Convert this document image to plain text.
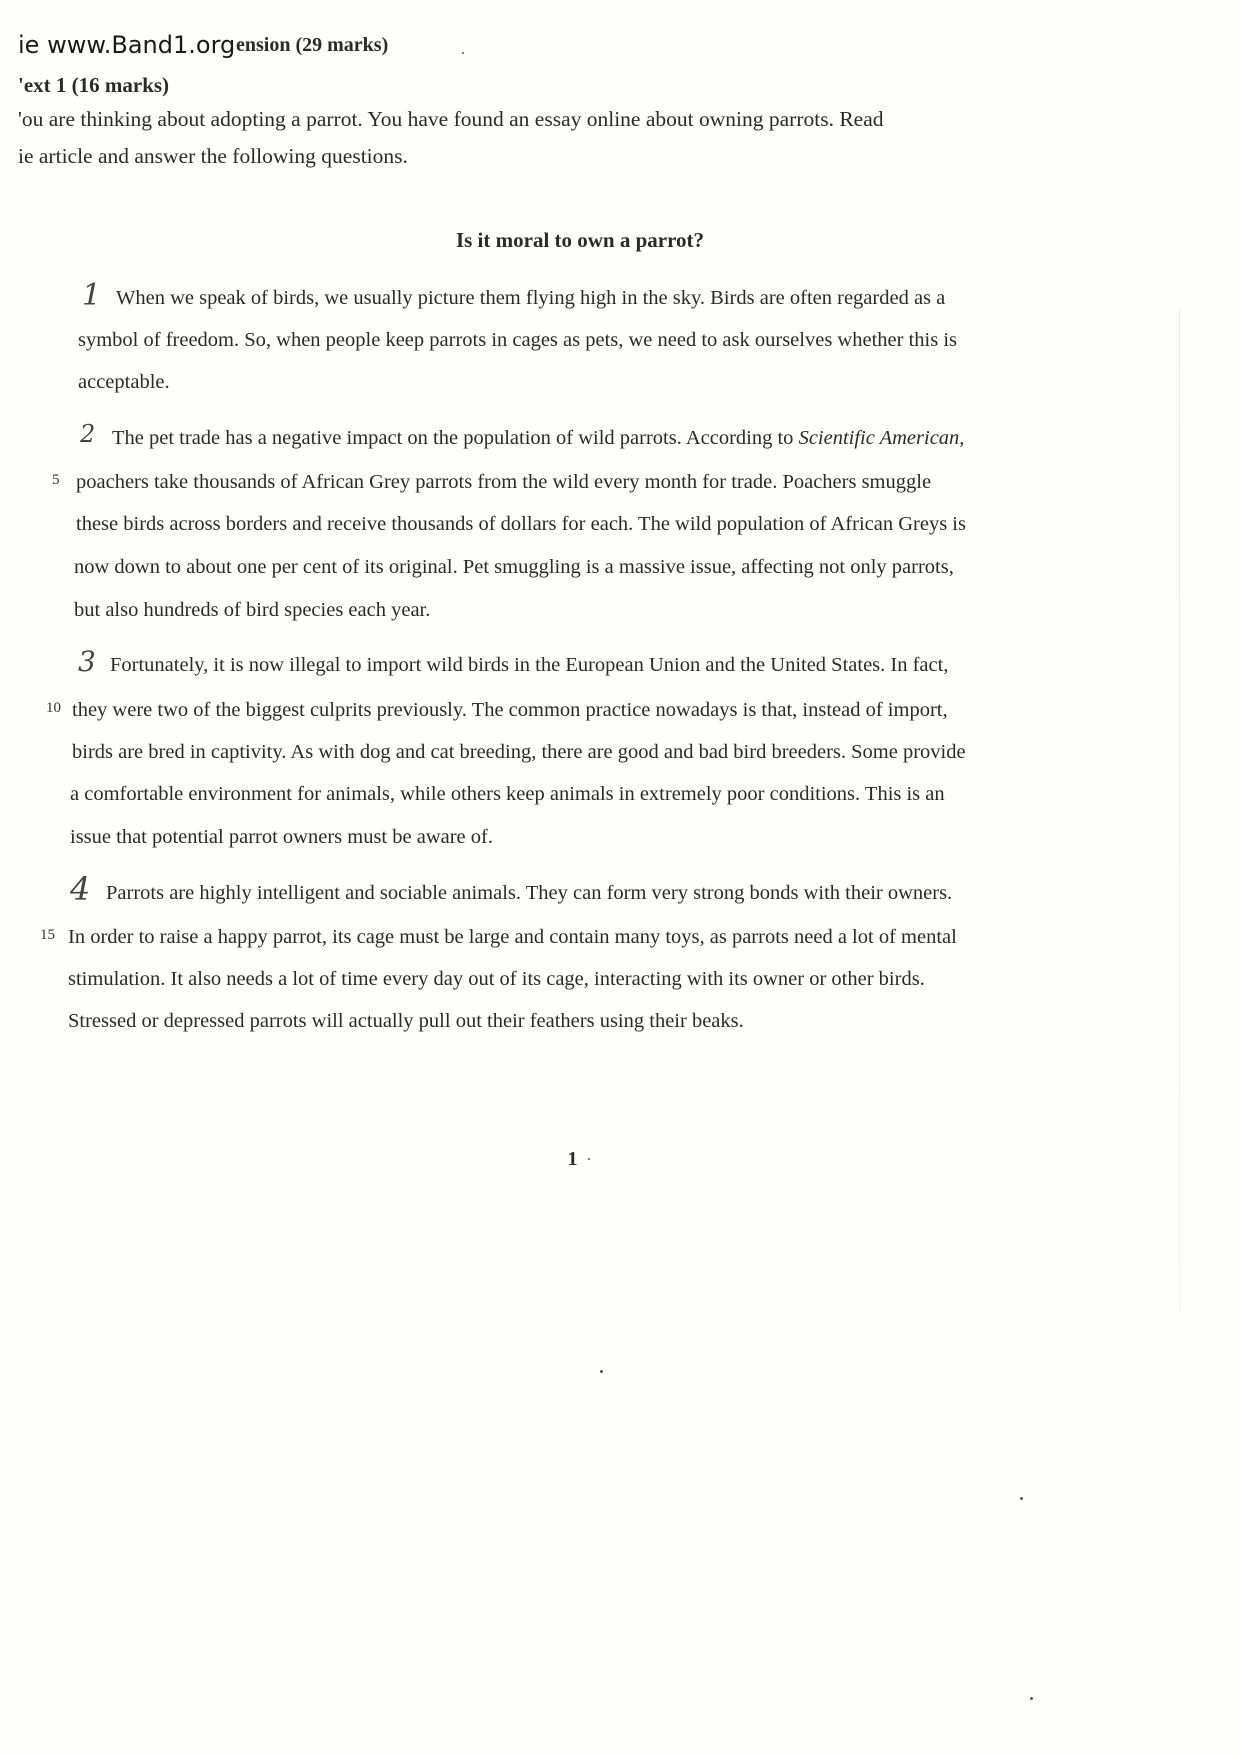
ie www.Band1.org ension (29 marks)
'ext 1 (16 marks)
'ou are thinking about adopting a parrot. You have found an essay online about owning parrots. Read
ie article and answer the following questions.
Is it moral to own a parrot?
1 When we speak of birds, we usually picture them flying high in the sky. Birds are often regarded as a
symbol of freedom. So, when people keep parrots in cages as pets, we need to ask ourselves whether this is
acceptable.
2 The pet trade has a negative impact on the population of wild parrots. According to Scientific American,
5 poachers take thousands of African Grey parrots from the wild every month for trade. Poachers smuggle
these birds across borders and receive thousands of dollars for each. The wild population of African Greys is
now down to about one per cent of its original. Pet smuggling is a massive issue, affecting not only parrots,
but also hundreds of bird species each year.
3 Fortunately, it is now illegal to import wild birds in the European Union and the United States. In fact,
10 they were two of the biggest culprits previously. The common practice nowadays is that, instead of import,
birds are bred in captivity. As with dog and cat breeding, there are good and bad bird breeders. Some provide
a comfortable environment for animals, while others keep animals in extremely poor conditions. This is an
issue that potential parrot owners must be aware of.
4 Parrots are highly intelligent and sociable animals. They can form very strong bonds with their owners.
15 In order to raise a happy parrot, its cage must be large and contain many toys, as parrots need a lot of mental
stimulation. It also needs a lot of time every day out of its cage, interacting with its owner or other birds.
Stressed or depressed parrots will actually pull out their feathers using their beaks.
1
